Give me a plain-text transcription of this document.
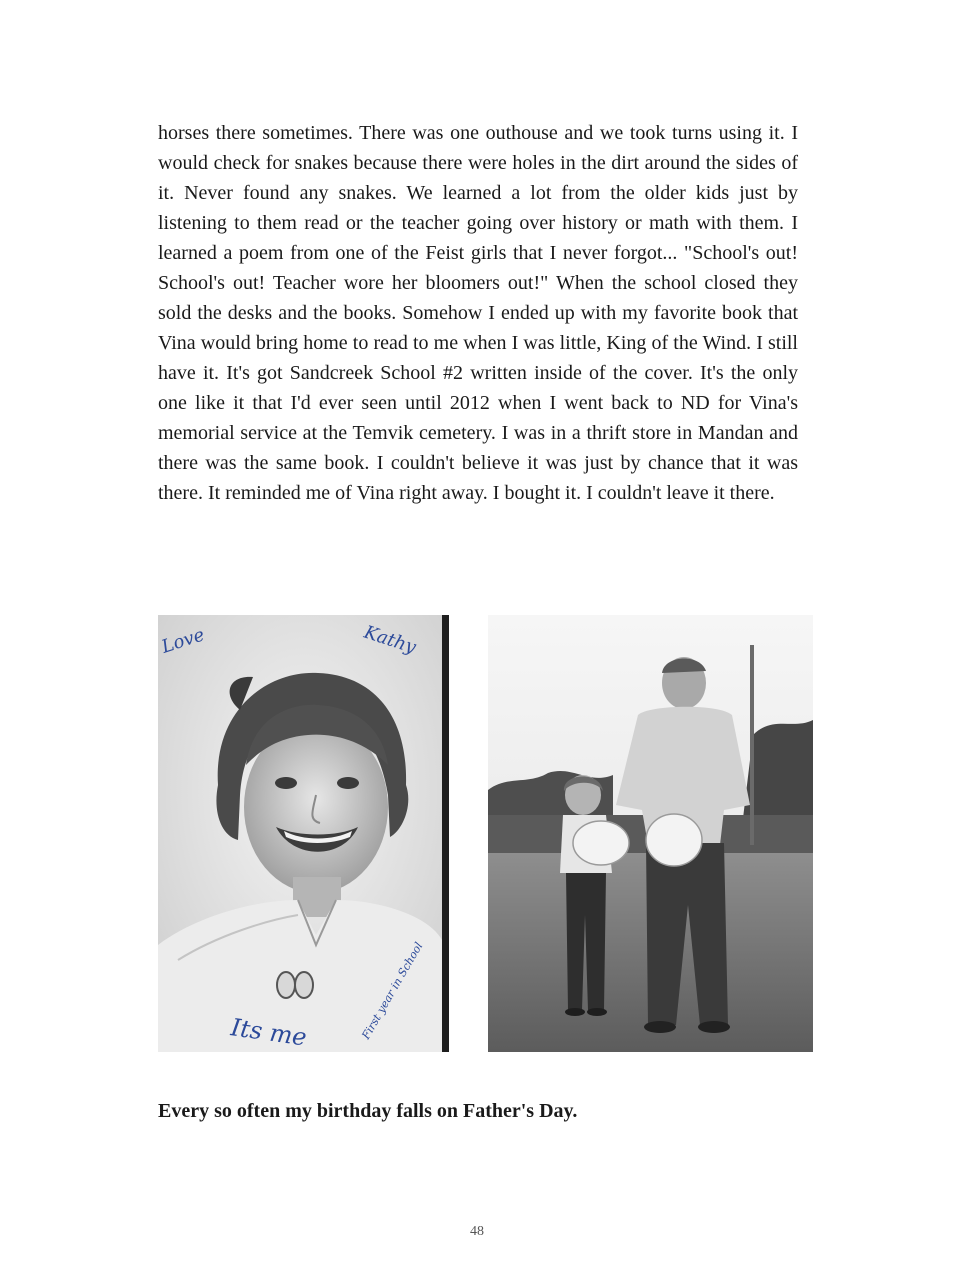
horses there sometimes. There was one outhouse and we took turns using it. I would check for snakes because there were holes in the dirt around the sides of it. Never found any snakes. We learned a lot from the older kids just by listening to them read or the teacher going over history or math with them. I learned a poem from one of the Feist girls that I never forgot... "School's out! School's out! Teacher wore her bloomers out!" When the school closed they sold the desks and the books. Somehow I ended up with my favorite book that Vina would bring home to read to me when I was little, King of the Wind. I still have it. It's got Sandcreek School #2 written inside of the cover. It's the only one like it that I'd ever seen until 2012 when I went back to ND for Vina's memorial service at the Temvik cemetery. I was in a thrift store in Mandan and there was the same book. I couldn't believe it was just by chance that it was there. It reminded me of Vina right away. I bought it. I couldn't leave it there.

Love	Kathy
Its me	First year in School

Every so often my birthday falls on Father's Day.

48
